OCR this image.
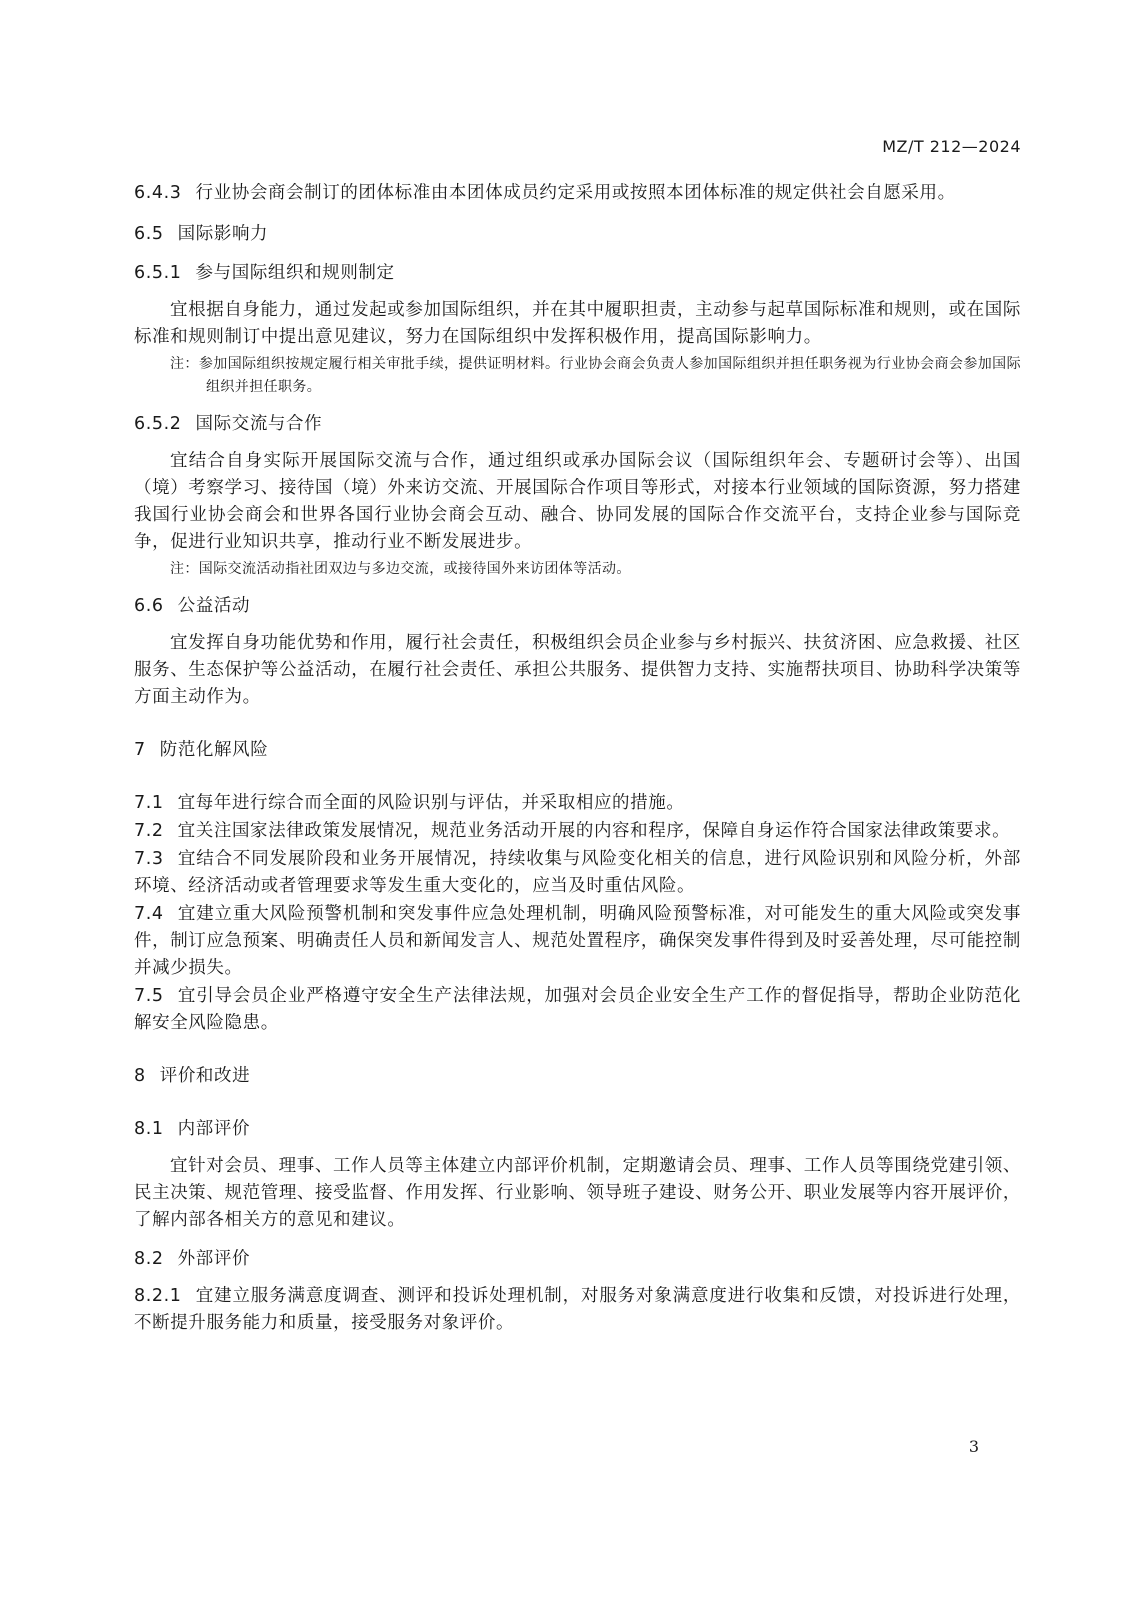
MZ/T 212—2024

6.4.3 行业协会商会制订的团体标准由本团体成员约定采用或按照本团体标准的规定供社会自愿采用。

6.5 国际影响力

6.5.1 参与国际组织和规则制定

宜根据自身能力，通过发起或参加国际组织，并在其中履职担责，主动参与起草国际标准和规则，或在国际标准和规则制订中提出意见建议，努力在国际组织中发挥积极作用，提高国际影响力。

注：参加国际组织按规定履行相关审批手续，提供证明材料。行业协会商会负责人参加国际组织并担任职务视为行业协会商会参加国际组织并担任职务。

6.5.2 国际交流与合作

宜结合自身实际开展国际交流与合作，通过组织或承办国际会议（国际组织年会、专题研讨会等）、出国（境）考察学习、接待国（境）外来访交流、开展国际合作项目等形式，对接本行业领域的国际资源，努力搭建我国行业协会商会和世界各国行业协会商会互动、融合、协同发展的国际合作交流平台，支持企业参与国际竞争，促进行业知识共享，推动行业不断发展进步。

注：国际交流活动指社团双边与多边交流，或接待国外来访团体等活动。

6.6 公益活动

宜发挥自身功能优势和作用，履行社会责任，积极组织会员企业参与乡村振兴、扶贫济困、应急救援、社区服务、生态保护等公益活动，在履行社会责任、承担公共服务、提供智力支持、实施帮扶项目、协助科学决策等方面主动作为。

7 防范化解风险

7.1 宜每年进行综合而全面的风险识别与评估，并采取相应的措施。

7.2 宜关注国家法律政策发展情况，规范业务活动开展的内容和程序，保障自身运作符合国家法律政策要求。

7.3 宜结合不同发展阶段和业务开展情况，持续收集与风险变化相关的信息，进行风险识别和风险分析，外部环境、经济活动或者管理要求等发生重大变化的，应当及时重估风险。

7.4 宜建立重大风险预警机制和突发事件应急处理机制，明确风险预警标准，对可能发生的重大风险或突发事件，制订应急预案、明确责任人员和新闻发言人、规范处置程序，确保突发事件得到及时妥善处理，尽可能控制并减少损失。

7.5 宜引导会员企业严格遵守安全生产法律法规，加强对会员企业安全生产工作的督促指导，帮助企业防范化解安全风险隐患。

8 评价和改进

8.1 内部评价

宜针对会员、理事、工作人员等主体建立内部评价机制，定期邀请会员、理事、工作人员等围绕党建引领、民主决策、规范管理、接受监督、作用发挥、行业影响、领导班子建设、财务公开、职业发展等内容开展评价，了解内部各相关方的意见和建议。

8.2 外部评价

8.2.1 宜建立服务满意度调查、测评和投诉处理机制，对服务对象满意度进行收集和反馈，对投诉进行处理，不断提升服务能力和质量，接受服务对象评价。

3
